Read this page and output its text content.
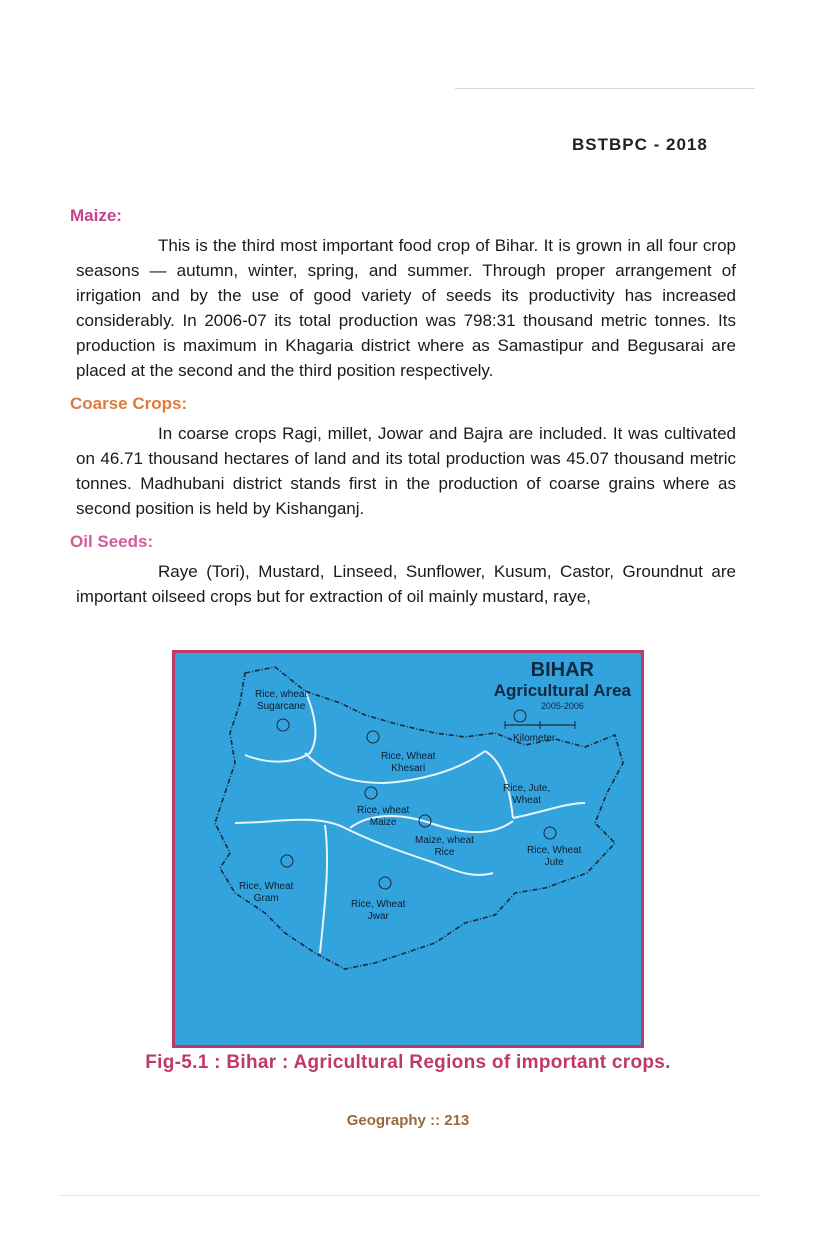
BSTBPC - 2018
Maize:

This is the third most important food crop of Bihar. It is grown in all four crop seasons — autumn, winter, spring, and summer. Through proper arrangement of irrigation and by the use of good variety of seeds its productivity has increased considerably. In 2006-07 its total production was 798:31 thousand metric tonnes. Its production is maximum in Khagaria district where as Samastipur and Begusarai are placed at the second and the third position respectively.

Coarse Crops:

In coarse crops Ragi, millet, Jowar and Bajra are included. It was cultivated on 46.71 thousand hectares of land and its total production was 45.07 thousand metric tonnes. Madhubani district stands first in the production of coarse grains where as second position is held by Kishanganj.

Oil Seeds:

Raye (Tori), Mustard, Linseed, Sunflower, Kusum, Castor, Groundnut are important oilseed crops but for extraction of oil mainly mustard, raye,

BIHAR
Agricultural Area
2005-2006
Kilometer
Rice, wheat
Sugarcane
Rice, Wheat
Khesari
Rice, wheat
Maize
Rice, Jute,
Wheat
Rice, Wheat
Jute
Maize, wheat
Rice
Rice, Wheat
Gram
Rice, Wheat
Jwar
Fig-5.1 : Bihar : Agricultural Regions of important crops.
Geography :: 213
